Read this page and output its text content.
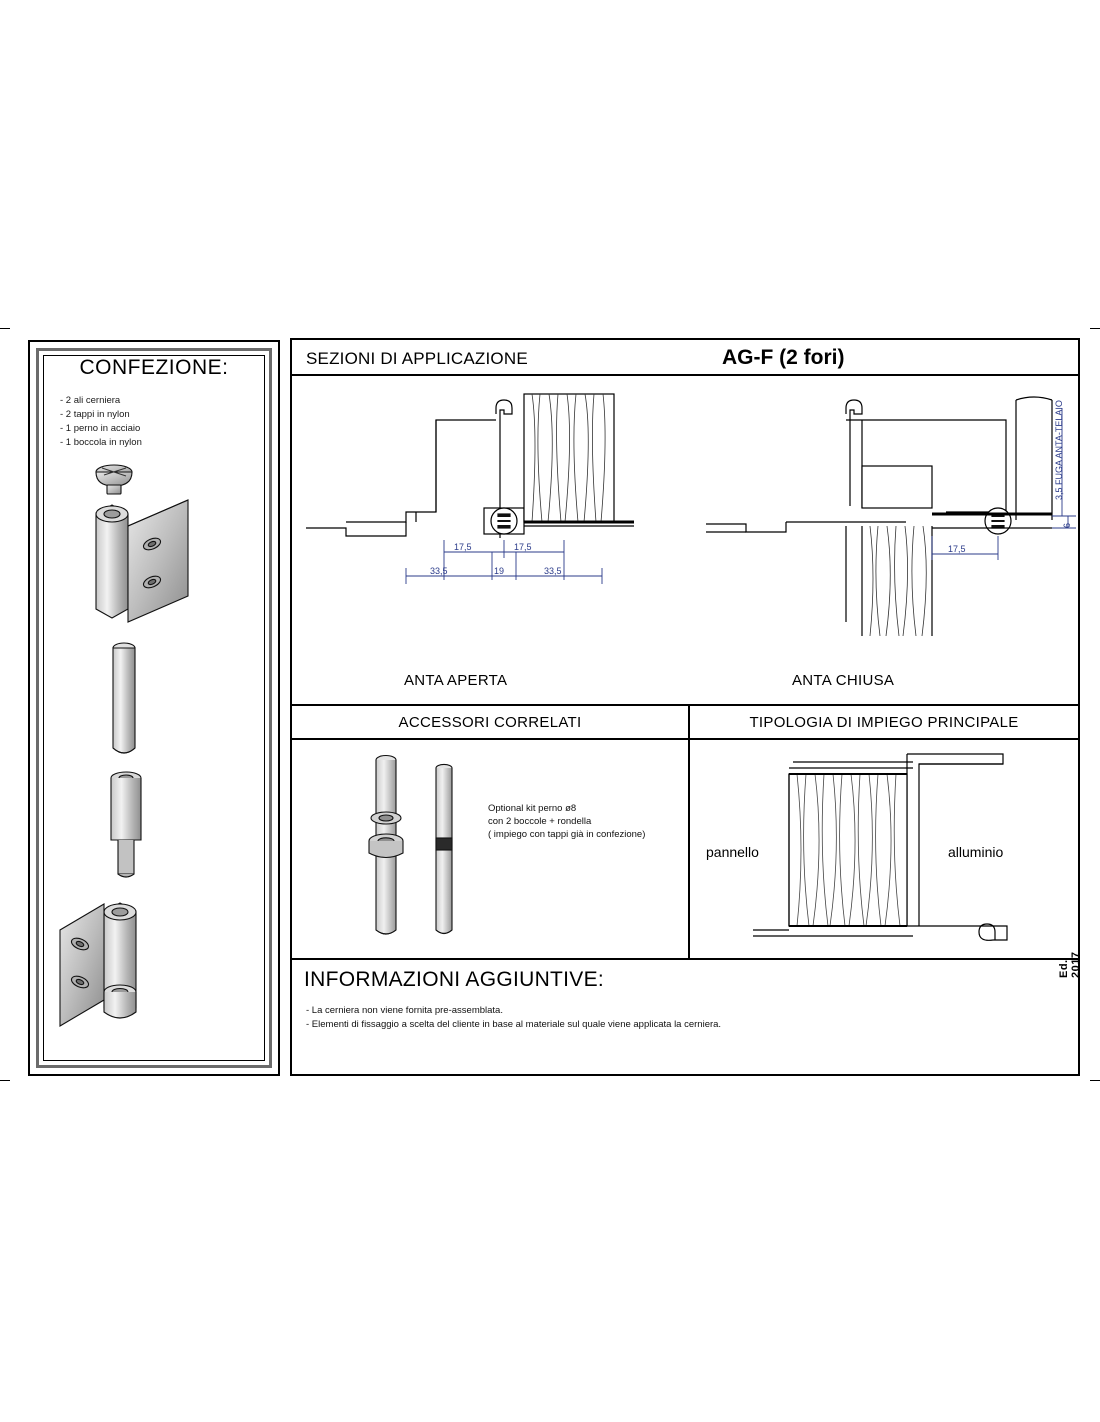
CONFEZIONE:
- 2 ali cerniera
- 2 tappi in nylon
- 1 perno in acciaio
- 1 boccola in nylon
SEZIONI DI APPLICAZIONE	AG-F (2 fori)
17,5	17,5
33,5	19	33,5
3,5 FUGA ANTA-TELAIO
6
17,5
ANTA APERTA	ANTA CHIUSA
ACCESSORI CORRELATI	TIPOLOGIA DI IMPIEGO PRINCIPALE
Optional kit perno ø8
con 2 boccole + rondella
( impiego con tappi già in confezione)
pannello	alluminio
INFORMAZIONI AGGIUNTIVE:
- La cerniera non viene fornita pre-assemblata.
- Elementi di fissaggio a scelta del cliente in base al materiale sul quale viene applicata la cerniera.
Ed. 2017
